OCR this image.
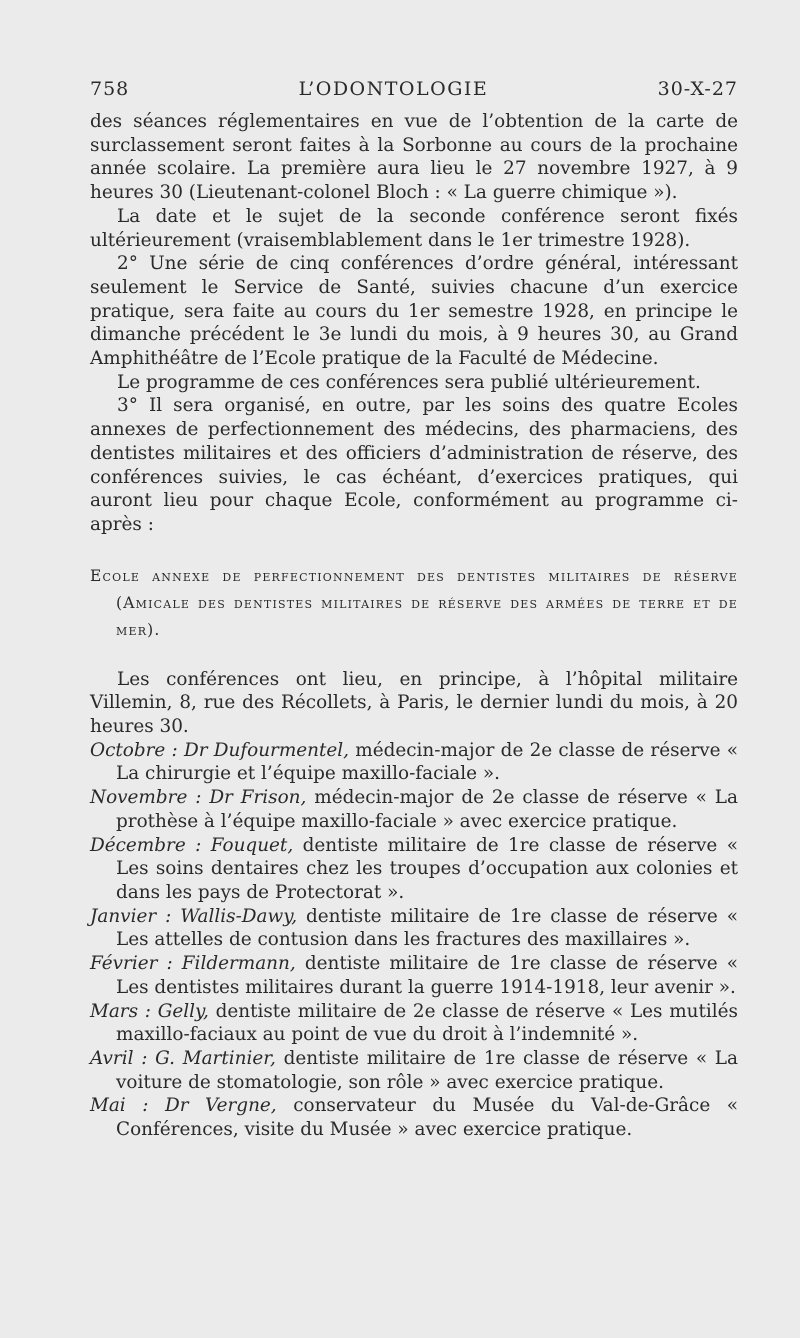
758	L’ODONTOLOGIE	30-X-27

des séances réglementaires en vue de l’obtention de la carte de surclassement seront faites à la Sorbonne au cours de la prochaine année scolaire. La première aura lieu le 27 novembre 1927, à 9 heures 30 (Lieutenant-colonel Bloch : « La guerre chimique »).

La date et le sujet de la seconde conférence seront fixés ultérieurement (vraisemblablement dans le 1er trimestre 1928).

2° Une série de cinq conférences d’ordre général, intéressant seulement le Service de Santé, suivies chacune d’un exercice pratique, sera faite au cours du 1er semestre 1928, en principe le dimanche précédent le 3e lundi du mois, à 9 heures 30, au Grand Amphithéâtre de l’Ecole pratique de la Faculté de Médecine.

Le programme de ces conférences sera publié ultérieurement.

3° Il sera organisé, en outre, par les soins des quatre Ecoles annexes de perfectionnement des médecins, des pharmaciens, des dentistes militaires et des officiers d’administration de réserve, des conférences suivies, le cas échéant, d’exercices pratiques, qui auront lieu pour chaque Ecole, conformément au programme ci-après :

Ecole annexe de perfectionnement des dentistes militaires de réserve (Amicale des dentistes militaires de réserve des armées de terre et de mer).

Les conférences ont lieu, en principe, à l’hôpital militaire Villemin, 8, rue des Récollets, à Paris, le dernier lundi du mois, à 20 heures 30.

Octobre : Dr Dufourmentel, médecin-major de 2e classe de réserve « La chirurgie et l’équipe maxillo-faciale ».
Novembre : Dr Frison, médecin-major de 2e classe de réserve « La prothèse à l’équipe maxillo-faciale » avec exercice pratique.
Décembre : Fouquet, dentiste militaire de 1re classe de réserve « Les soins dentaires chez les troupes d’occupation aux colonies et dans les pays de Protectorat ».
Janvier : Wallis-Dawy, dentiste militaire de 1re classe de réserve « Les attelles de contusion dans les fractures des maxillaires ».
Février : Fildermann, dentiste militaire de 1re classe de réserve « Les dentistes militaires durant la guerre 1914-1918, leur avenir ».
Mars : Gelly, dentiste militaire de 2e classe de réserve « Les mutilés maxillo-faciaux au point de vue du droit à l’indemnité ».
Avril : G. Martinier, dentiste militaire de 1re classe de réserve « La voiture de stomatologie, son rôle » avec exercice pratique.
Mai : Dr Vergne, conservateur du Musée du Val-de-Grâce « Conférences, visite du Musée » avec exercice pratique.
